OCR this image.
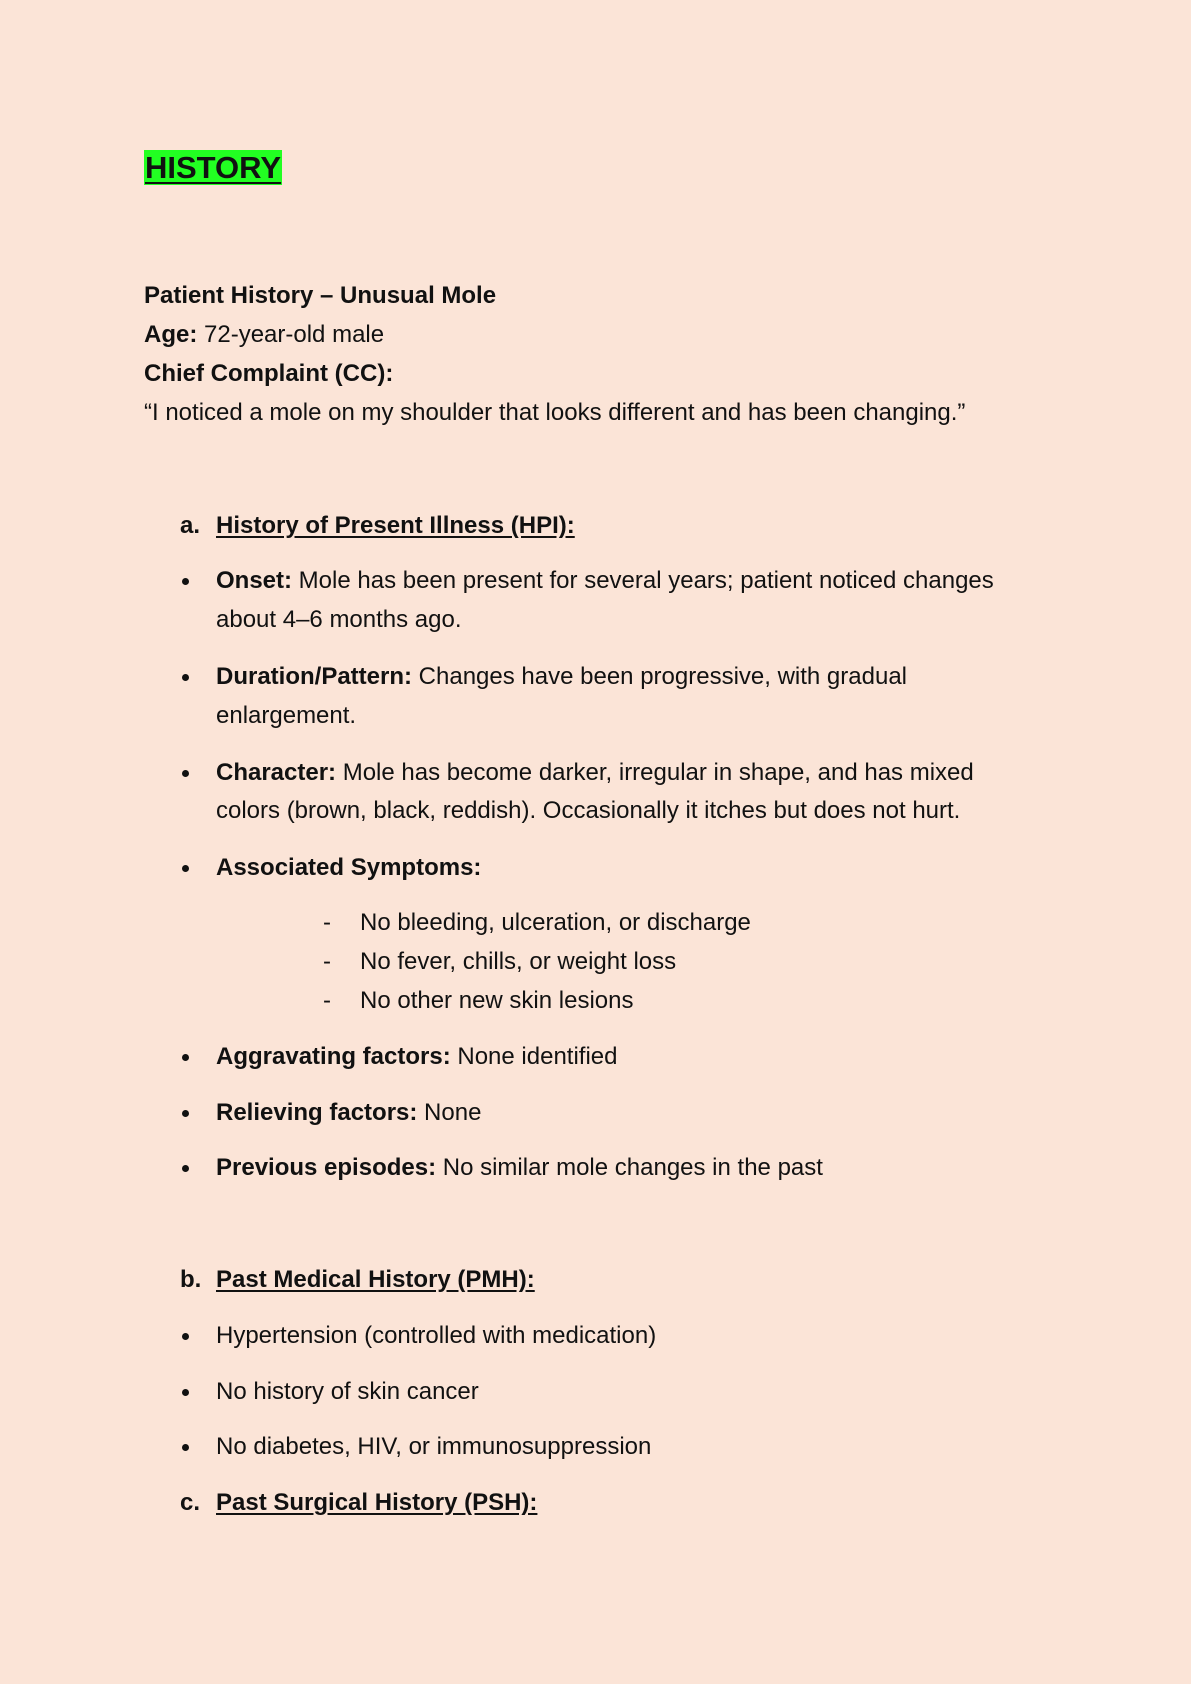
HISTORY
Patient History – Unusual Mole
Age: 72-year-old male
Chief Complaint (CC):
“I noticed a mole on my shoulder that looks different and has been changing.”
a. History of Present Illness (HPI):
Onset: Mole has been present for several years; patient noticed changes
about 4–6 months ago.
Duration/Pattern: Changes have been progressive, with gradual
enlargement.
Character: Mole has become darker, irregular in shape, and has mixed
colors (brown, black, reddish). Occasionally it itches but does not hurt.
Associated Symptoms:
- No bleeding, ulceration, or discharge
- No fever, chills, or weight loss
- No other new skin lesions
Aggravating factors: None identified
Relieving factors: None
Previous episodes: No similar mole changes in the past
b. Past Medical History (PMH):
Hypertension (controlled with medication)
No history of skin cancer
No diabetes, HIV, or immunosuppression
c. Past Surgical History (PSH):
